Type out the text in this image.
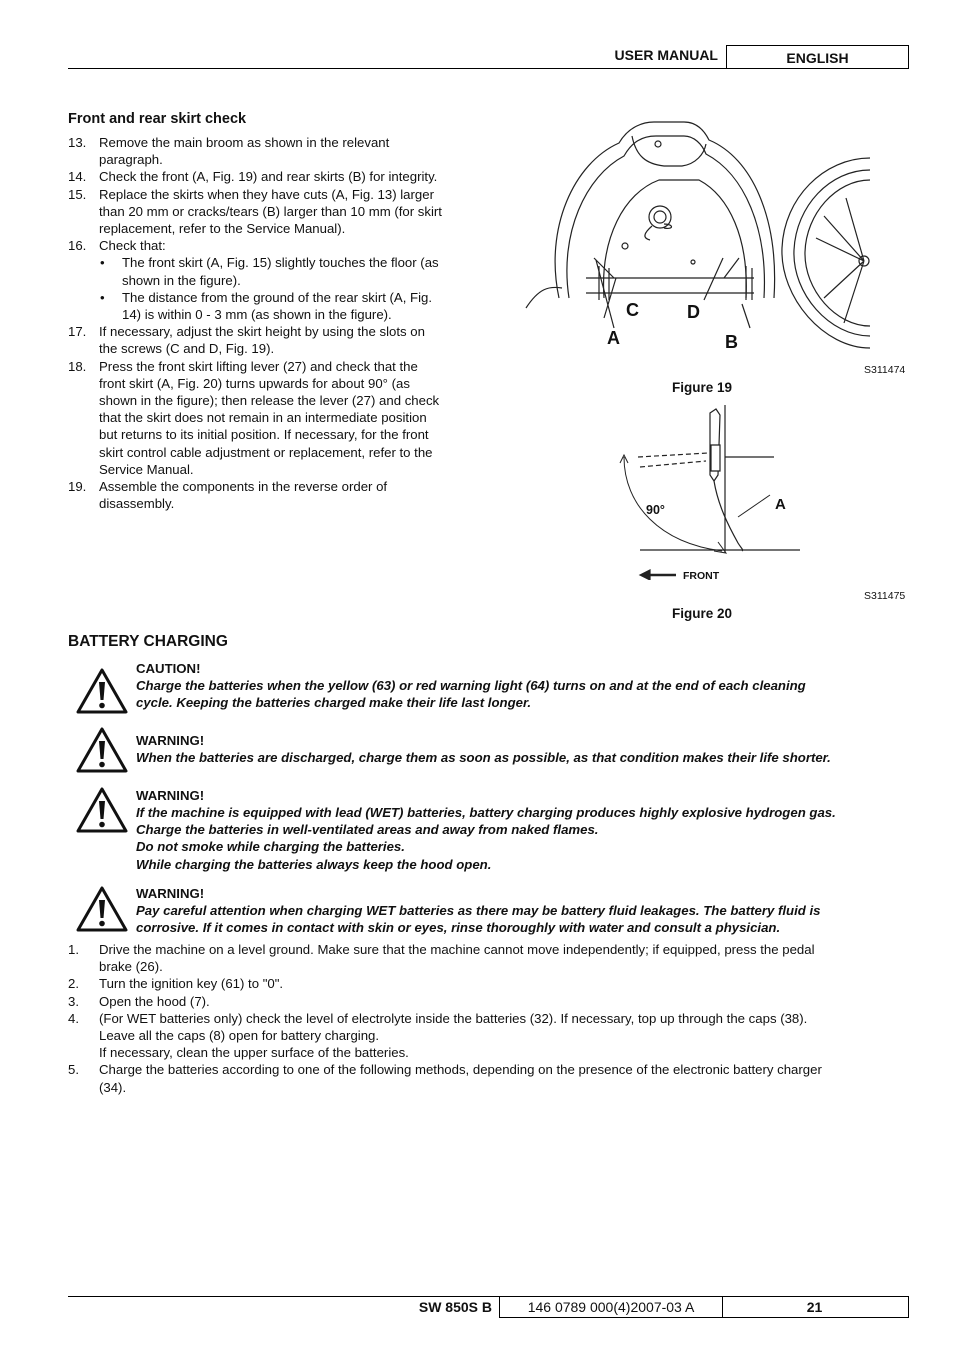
USER MANUAL	ENGLISH
Front and rear skirt check
13. Remove the main broom as shown in the relevant
paragraph.
14. Check the front (A, Fig. 19) and rear skirts (B) for integrity.
15. Replace the skirts when they have cuts (A, Fig. 13) larger
than 20 mm or cracks/tears (B) larger than 10 mm (for skirt
replacement, refer to the Service Manual).
16. Check that:
• The front skirt (A, Fig. 15) slightly touches the floor (as
shown in the figure).
• The distance from the ground of the rear skirt (A, Fig.
14) is within 0 - 3 mm (as shown in the figure).
17. If necessary, adjust the skirt height by using the slots on
the screws (C and D, Fig. 19).
18. Press the front skirt lifting lever (27) and check that the
front skirt (A, Fig. 20) turns upwards for about 90° (as
shown in the figure); then release the lever (27) and check
that the skirt does not remain in an intermediate position
but returns to its initial position. If necessary, for the front
skirt control cable adjustment or replacement, refer to the
Service Manual.
19. Assemble the components in the reverse order of
disassembly.
C	D
A	B
S311474
Figure 19
90°	A
FRONT
S311475
Figure 20
BATTERY CHARGING
CAUTION!
Charge the batteries when the yellow (63) or red warning light (64) turns on and at the end of each cleaning
cycle. Keeping the batteries charged make their life last longer.
WARNING!
When the batteries are discharged, charge them as soon as possible, as that condition makes their life shorter.
WARNING!
If the machine is equipped with lead (WET) batteries, battery charging produces highly explosive hydrogen gas.
Charge the batteries in well-ventilated areas and away from naked flames.
Do not smoke while charging the batteries.
While charging the batteries always keep the hood open.
WARNING!
Pay careful attention when charging WET batteries as there may be battery fluid leakages. The battery fluid is
corrosive. If it comes in contact with skin or eyes, rinse thoroughly with water and consult a physician.
1. Drive the machine on a level ground. Make sure that the machine cannot move independently; if equipped, press the pedal
brake (26).
2. Turn the ignition key (61) to "0".
3. Open the hood (7).
4. (For WET batteries only) check the level of electrolyte inside the batteries (32). If necessary, top up through the caps (38).
Leave all the caps (8) open for battery charging.
If necessary, clean the upper surface of the batteries.
5. Charge the batteries according to one of the following methods, depending on the presence of the electronic battery charger
(34).
SW 850S B	146 0789 000(4)2007-03 A	21
